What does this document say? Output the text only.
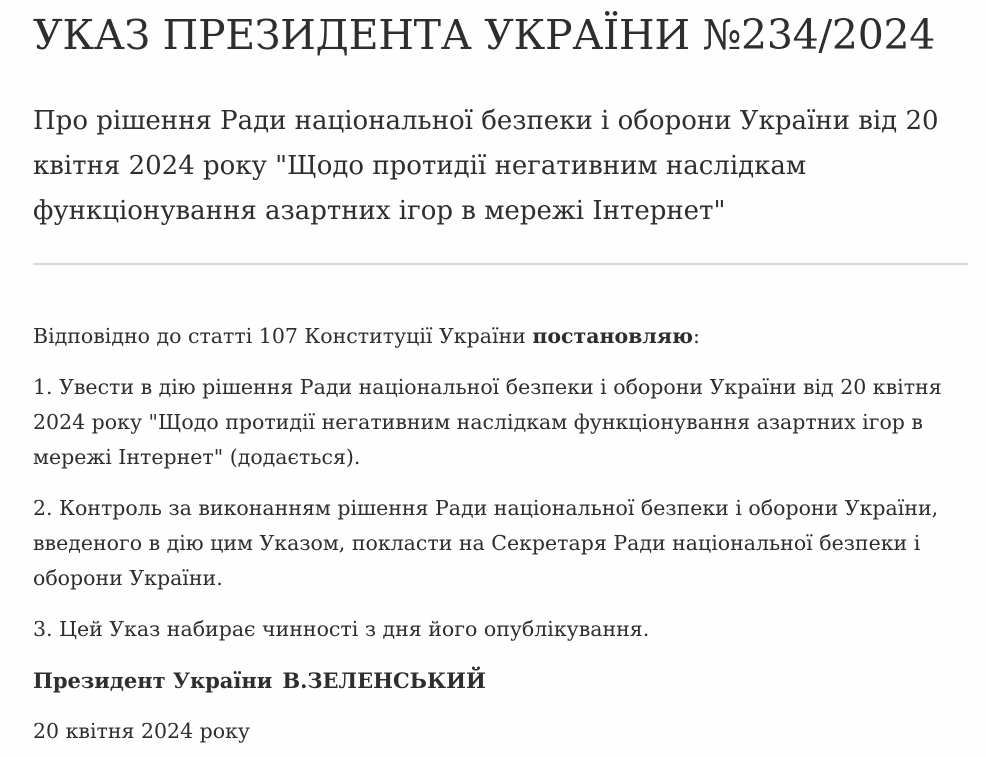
УКАЗ ПРЕЗИДЕНТА УКРАЇНИ №234/2024
Про рішення Ради національної безпеки і оборони України від 20 квітня 2024 року "Щодо протидії негативним наслідкам функціонування азартних ігор в мережі Інтернет"

Відповідно до статті 107 Конституції України постановляю:

1. Увести в дію рішення Ради національної безпеки і оборони України від 20 квітня 2024 року "Щодо протидії негативним наслідкам функціонування азартних ігор в мережі Інтернет" (додається).

2. Контроль за виконанням рішення Ради національної безпеки і оборони України, введеного в дію цим Указом, покласти на Секретаря Ради національної безпеки і оборони України.

3. Цей Указ набирає чинності з дня його опублікування.

Президент України В.ЗЕЛЕНСЬКИЙ

20 квітня 2024 року
